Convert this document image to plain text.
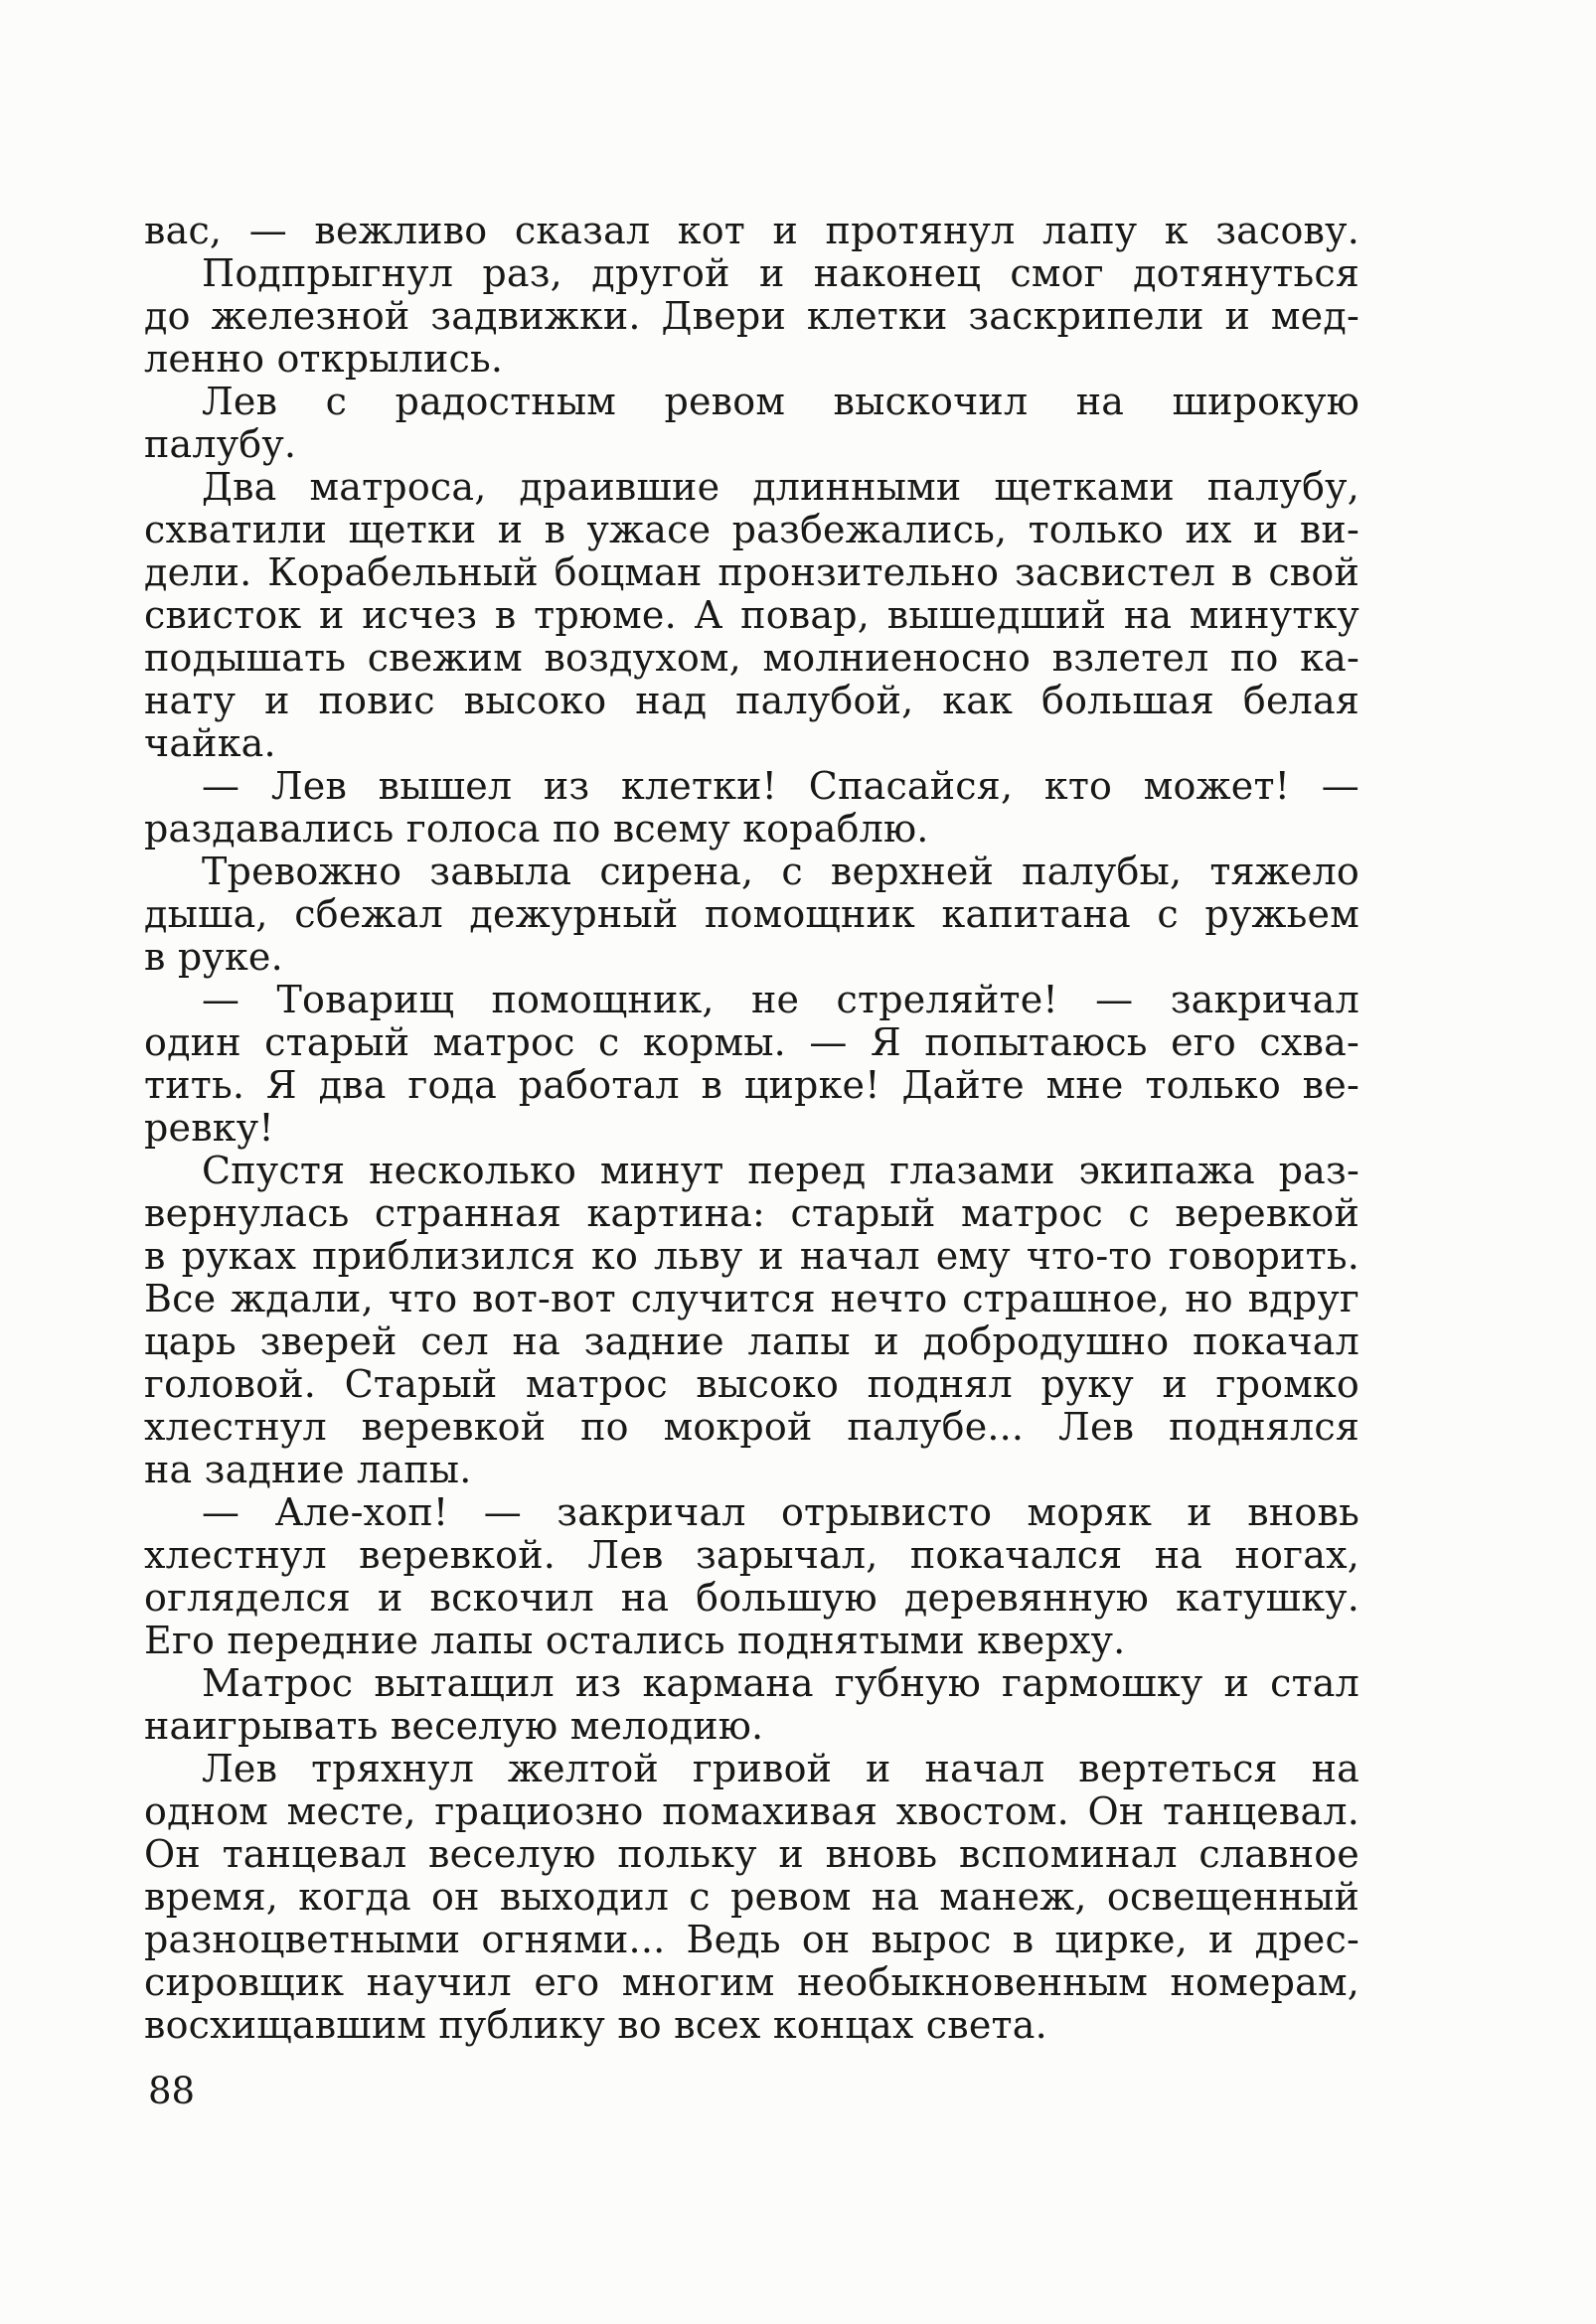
вас, — вежливо сказал кот и протянул лапу к засову.
Подпрыгнул раз, другой и наконец смог дотянуться
до железной задвижки. Двери клетки заскрипели и мед-
ленно открылись.
Лев с радостным ревом выскочил на широкую
палубу.
Два матроса, драившие длинными щетками палубу,
схватили щетки и в ужасе разбежались, только их и ви-
дели. Корабельный боцман пронзительно засвистел в свой
свисток и исчез в трюме. А повар, вышедший на минутку
подышать свежим воздухом, молниеносно взлетел по ка-
нату и повис высоко над палубой, как большая белая
чайка.
— Лев вышел из клетки! Спасайся, кто может! —
раздавались голоса по всему кораблю.
Тревожно завыла сирена, с верхней палубы, тяжело
дыша, сбежал дежурный помощник капитана с ружьем
в руке.
— Товарищ помощник, не стреляйте! — закричал
один старый матрос с кормы. — Я попытаюсь его схва-
тить. Я два года работал в цирке! Дайте мне только ве-
ревку!
Спустя несколько минут перед глазами экипажа раз-
вернулась странная картина: старый матрос с веревкой
в руках приблизился ко льву и начал ему что-то говорить.
Все ждали, что вот-вот случится нечто страшное, но вдруг
царь зверей сел на задние лапы и добродушно покачал
головой. Старый матрос высоко поднял руку и громко
хлестнул веревкой по мокрой палубе... Лев поднялся
на задние лапы.
— Але-хоп! — закричал отрывисто моряк и вновь
хлестнул веревкой. Лев зарычал, покачался на ногах,
огляделся и вскочил на большую деревянную катушку.
Его передние лапы остались поднятыми кверху.
Матрос вытащил из кармана губную гармошку и стал
наигрывать веселую мелодию.
Лев тряхнул желтой гривой и начал вертеться на
одном месте, грациозно помахивая хвостом. Он танцевал.
Он танцевал веселую польку и вновь вспоминал славное
время, когда он выходил с ревом на манеж, освещенный
разноцветными огнями... Ведь он вырос в цирке, и дрес-
сировщик научил его многим необыкновенным номерам,
восхищавшим публику во всех концах света.
88
